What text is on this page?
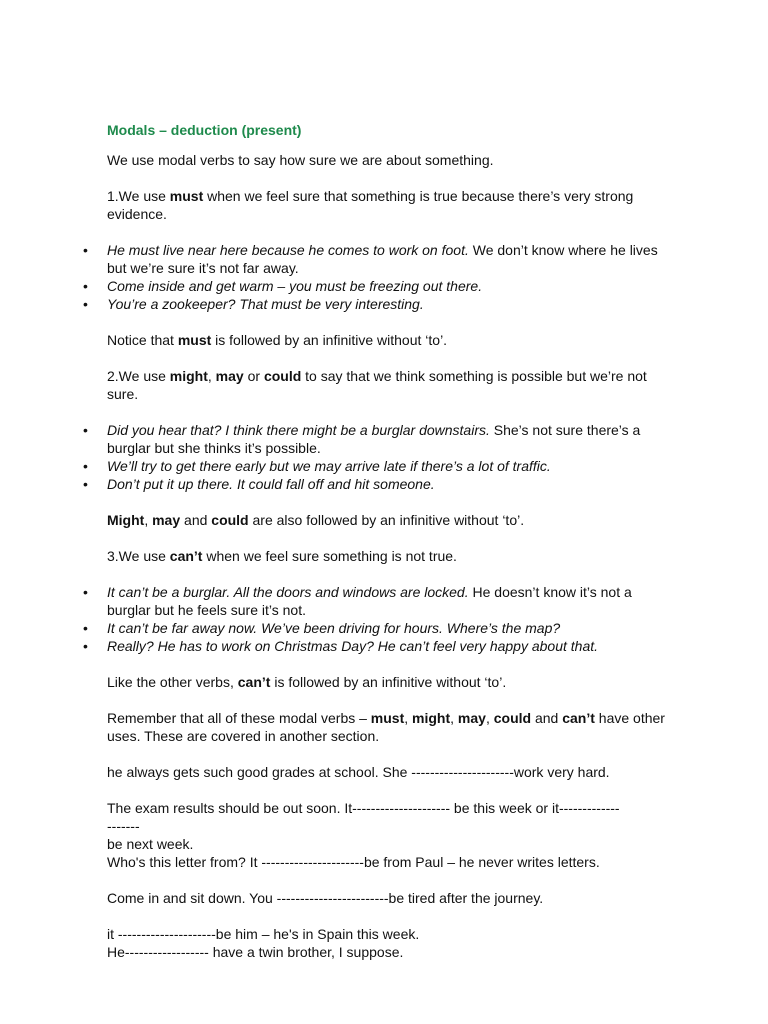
Modals – deduction (present)

We use modal verbs to say how sure we are about something.

1.We use must when we feel sure that something is true because there’s very strong evidence.

• He must live near here because he comes to work on foot. We don’t know where he lives but we’re sure it’s not far away.
• Come inside and get warm – you must be freezing out there.
• You’re a zookeeper? That must be very interesting.

Notice that must is followed by an infinitive without ‘to’.

2.We use might, may or could to say that we think something is possible but we’re not sure.

• Did you hear that? I think there might be a burglar downstairs. She’s not sure there’s a burglar but she thinks it’s possible.
• We’ll try to get there early but we may arrive late if there’s a lot of traffic.
• Don’t put it up there. It could fall off and hit someone.

Might, may and could are also followed by an infinitive without ‘to’.

3.We use can’t when we feel sure something is not true.

• It can’t be a burglar. All the doors and windows are locked. He doesn’t know it’s not a burglar but he feels sure it’s not.
• It can’t be far away now. We’ve been driving for hours. Where’s the map?
• Really? He has to work on Christmas Day? He can’t feel very happy about that.

Like the other verbs, can’t is followed by an infinitive without ‘to’.

Remember that all of these modal verbs – must, might, may, could and can’t have other uses. These are covered in another section.

he always gets such good grades at school. She ----------------------work very hard.

The exam results should be out soon. It--------------------- be this week or it-------------

-------

be next week.

Who's this letter from? It ----------------------be from Paul – he never writes letters.

Come in and sit down. You ------------------------be tired after the journey.

it ---------------------be him – he's in Spain this week.

He------------------ have a twin brother, I suppose.
